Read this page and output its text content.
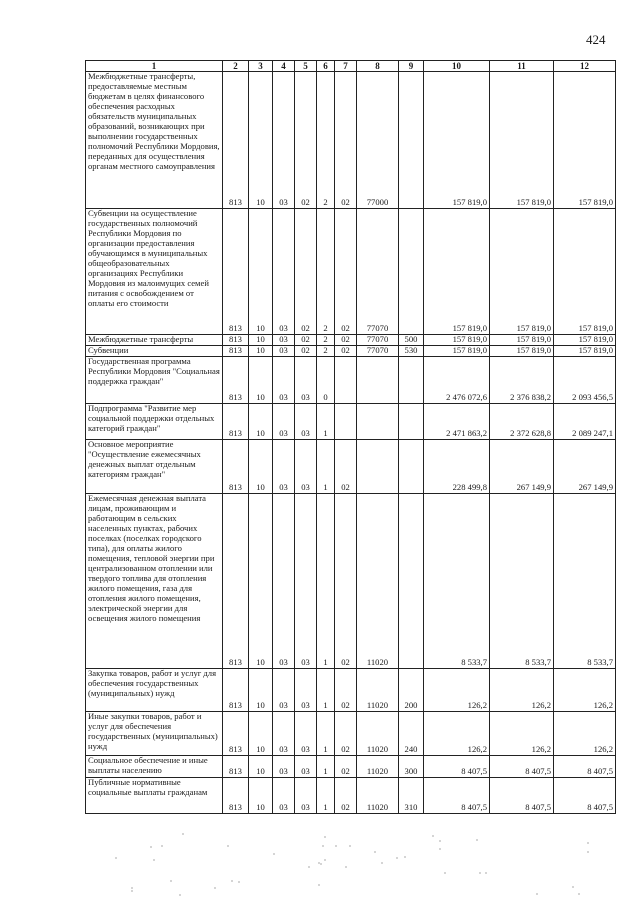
424
1	2	3	4	5	6	7	8	9	10	11	12
Межбюджетные трансферты, предоставляемые местным бюджетам в целях финансового обеспечения расходных обязательств муниципальных образований, возникающих при выполнении государственных полномочий Республики Мордовия, переданных для осуществления органам местного самоуправления	813	10	03	02	2	02	77000		157 819,0	157 819,0	157 819,0
Субвенции на осуществление государственных полномочий Республики Мордовия по организации предоставления обучающимся в муниципальных общеобразовательных организациях Республики Мордовия из малоимущих семей питания с освобождением от оплаты его стоимости	813	10	03	02	2	02	77070		157 819,0	157 819,0	157 819,0
Межбюджетные трансферты	813	10	03	02	2	02	77070	500	157 819,0	157 819,0	157 819,0
Субвенции	813	10	03	02	2	02	77070	530	157 819,0	157 819,0	157 819,0
Государственная программа Республики Мордовия "Социальная поддержка граждан"	813	10	03	03	0				2 476 072,6	2 376 838,2	2 093 456,5
Подпрограмма "Развитие мер социальной поддержки отдельных категорий граждан"	813	10	03	03	1				2 471 863,2	2 372 628,8	2 089 247,1
Основное мероприятие "Осуществление ежемесячных денежных выплат отдельным категориям граждан"	813	10	03	03	1	02			228 499,8	267 149,9	267 149,9
Ежемесячная денежная выплата лицам, проживающим и работающим в сельских населенных пунктах, рабочих поселках (поселках городского типа), для оплаты жилого помещения, тепловой энергии при централизованном отоплении или твердого топлива для отопления жилого помещения, газа для отопления жилого помещения, электрической энергии для освещения жилого помещения	813	10	03	03	1	02	11020		8 533,7	8 533,7	8 533,7
Закупка товаров, работ и услуг для обеспечения государственных (муниципальных) нужд	813	10	03	03	1	02	11020	200	126,2	126,2	126,2
Иные закупки товаров, работ и услуг для обеспечения государственных (муниципальных) нужд	813	10	03	03	1	02	11020	240	126,2	126,2	126,2
Социальное обеспечение и иные выплаты населению	813	10	03	03	1	02	11020	300	8 407,5	8 407,5	8 407,5
Публичные нормативные социальные выплаты гражданам	813	10	03	03	1	02	11020	310	8 407,5	8 407,5	8 407,5
